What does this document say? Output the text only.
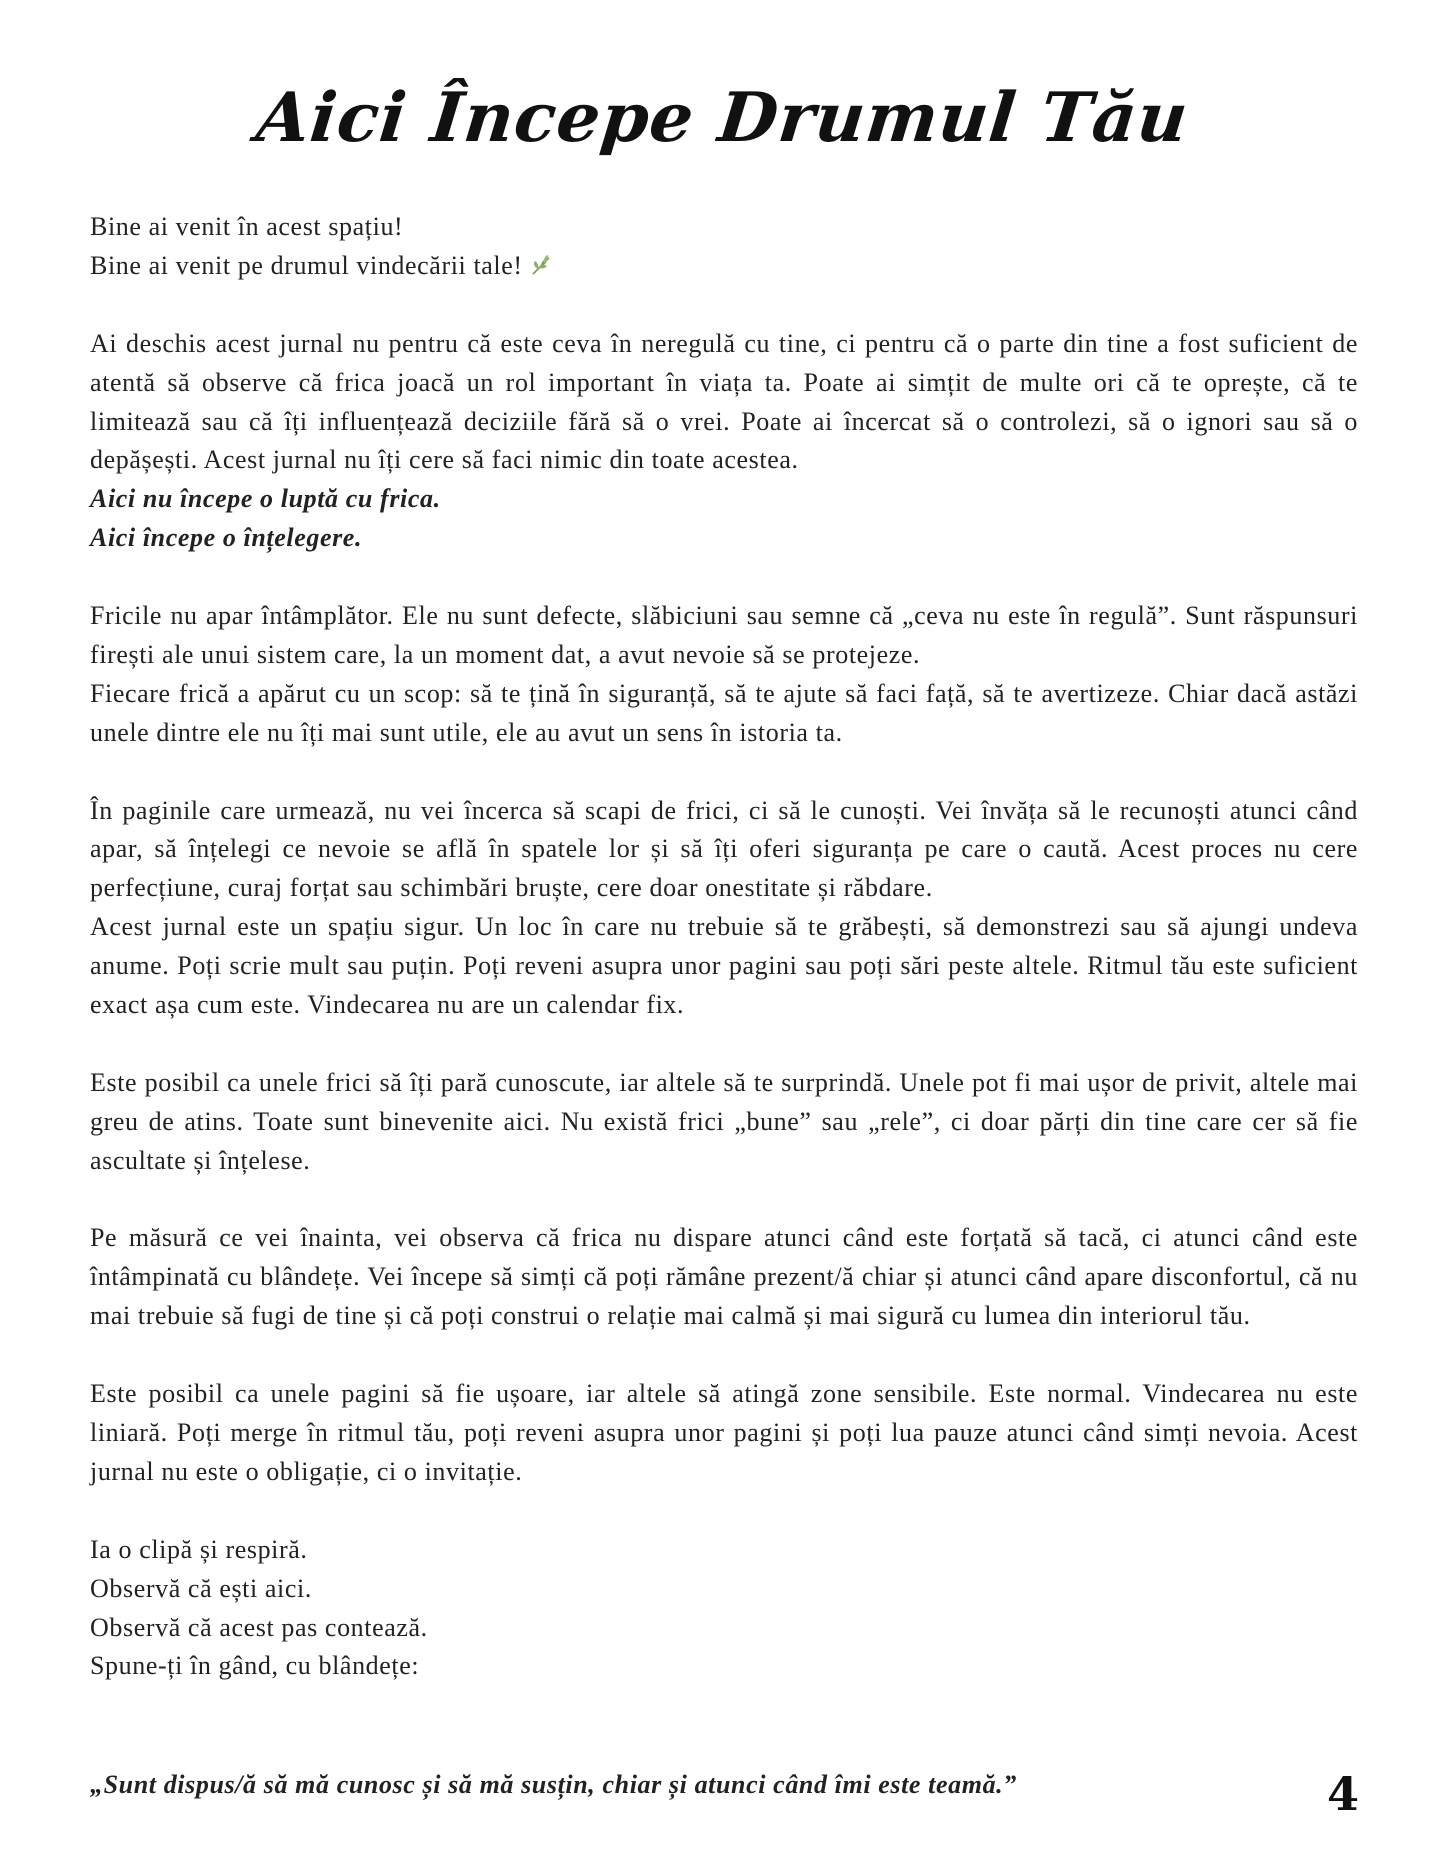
Aici Începe Drumul Tău
Bine ai venit în acest spațiu!
Bine ai venit pe drumul vindecării tale!
Ai deschis acest jurnal nu pentru că este ceva în neregulă cu tine, ci pentru că o parte din tine a fost suficient de atentă să observe că frica joacă un rol important în viața ta. Poate ai simțit de multe ori că te oprește, că te limitează sau că îți influențează deciziile fără să o vrei. Poate ai încercat să o controlezi, să o ignori sau să o depășești. Acest jurnal nu îți cere să faci nimic din toate acestea.
Aici nu începe o luptă cu frica.
Aici începe o înțelegere.
Fricile nu apar întâmplător. Ele nu sunt defecte, slăbiciuni sau semne că „ceva nu este în regulă”. Sunt răspunsuri firești ale unui sistem care, la un moment dat, a avut nevoie să se protejeze.
Fiecare frică a apărut cu un scop: să te țină în siguranță, să te ajute să faci față, să te avertizeze. Chiar dacă astăzi unele dintre ele nu îți mai sunt utile, ele au avut un sens în istoria ta.
În paginile care urmează, nu vei încerca să scapi de frici, ci să le cunoști. Vei învăța să le recunoști atunci când apar, să înțelegi ce nevoie se află în spatele lor și să îți oferi siguranța pe care o caută. Acest proces nu cere perfecțiune, curaj forțat sau schimbări bruște, cere doar onestitate și răbdare.
Acest jurnal este un spațiu sigur. Un loc în care nu trebuie să te grăbești, să demonstrezi sau să ajungi undeva anume. Poți scrie mult sau puțin. Poți reveni asupra unor pagini sau poți sări peste altele. Ritmul tău este suficient exact așa cum este. Vindecarea nu are un calendar fix.
Este posibil ca unele frici să îți pară cunoscute, iar altele să te surprindă. Unele pot fi mai ușor de privit, altele mai greu de atins. Toate sunt binevenite aici. Nu există frici „bune” sau „rele”, ci doar părți din tine care cer să fie ascultate și înțelese.
Pe măsură ce vei înainta, vei observa că frica nu dispare atunci când este forțată să tacă, ci atunci când este întâmpinată cu blândețe. Vei începe să simți că poți rămâne prezent/ă chiar și atunci când apare disconfortul, că nu mai trebuie să fugi de tine și că poți construi o relație mai calmă și mai sigură cu lumea din interiorul tău.
Este posibil ca unele pagini să fie ușoare, iar altele să atingă zone sensibile. Este normal. Vindecarea nu este liniară. Poți merge în ritmul tău, poți reveni asupra unor pagini și poți lua pauze atunci când simți nevoia. Acest jurnal nu este o obligație, ci o invitație.
Ia o clipă și respiră.
Observă că ești aici.
Observă că acest pas contează.
Spune-ți în gând, cu blândețe:
„Sunt dispus/ă să mă cunosc și să mă susțin, chiar și atunci când îmi este teamă.”	4
